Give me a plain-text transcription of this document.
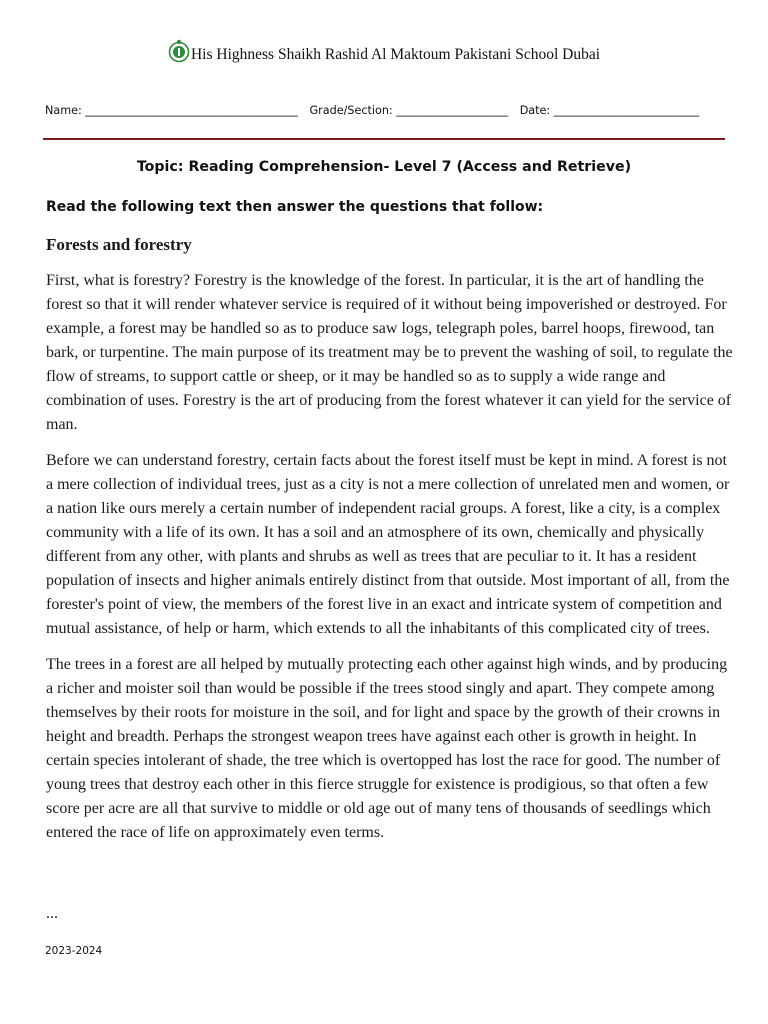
His Highness Shaikh Rashid Al Maktoum Pakistani School Dubai
Name: ______________________________________ Grade/Section: ____________________ Date: __________________________
Topic: Reading Comprehension- Level 7 (Access and Retrieve)
Read the following text then answer the questions that follow:
Forests and forestry

First, what is forestry? Forestry is the knowledge of the forest. In particular, it is the art of handling the forest so that it will render whatever service is required of it without being impoverished or destroyed. For example, a forest may be handled so as to produce saw logs, telegraph poles, barrel hoops, firewood, tan bark, or turpentine. The main purpose of its treatment may be to prevent the washing of soil, to regulate the flow of streams, to support cattle or sheep, or it may be handled so as to supply a wide range and combination of uses. Forestry is the art of producing from the forest whatever it can yield for the service of man.

Before we can understand forestry, certain facts about the forest itself must be kept in mind. A forest is not a mere collection of individual trees, just as a city is not a mere collection of unrelated men and women, or a nation like ours merely a certain number of independent racial groups. A forest, like a city, is a complex community with a life of its own. It has a soil and an atmosphere of its own, chemically and physically different from any other, with plants and shrubs as well as trees that are peculiar to it. It has a resident population of insects and higher animals entirely distinct from that outside. Most important of all, from the forester's point of view, the members of the forest live in an exact and intricate system of competition and mutual assistance, of help or harm, which extends to all the inhabitants of this complicated city of trees.

The trees in a forest are all helped by mutually protecting each other against high winds, and by producing a richer and moister soil than would be possible if the trees stood singly and apart. They compete among themselves by their roots for moisture in the soil, and for light and space by the growth of their crowns in height and breadth. Perhaps the strongest weapon trees have against each other is growth in height. In certain species intolerant of shade, the tree which is overtopped has lost the race for good. The number of young trees that destroy each other in this fierce struggle for existence is prodigious, so that often a few score per acre are all that survive to middle or old age out of many tens of thousands of seedlings which entered the race of life on approximately even terms.

...
2023-2024
